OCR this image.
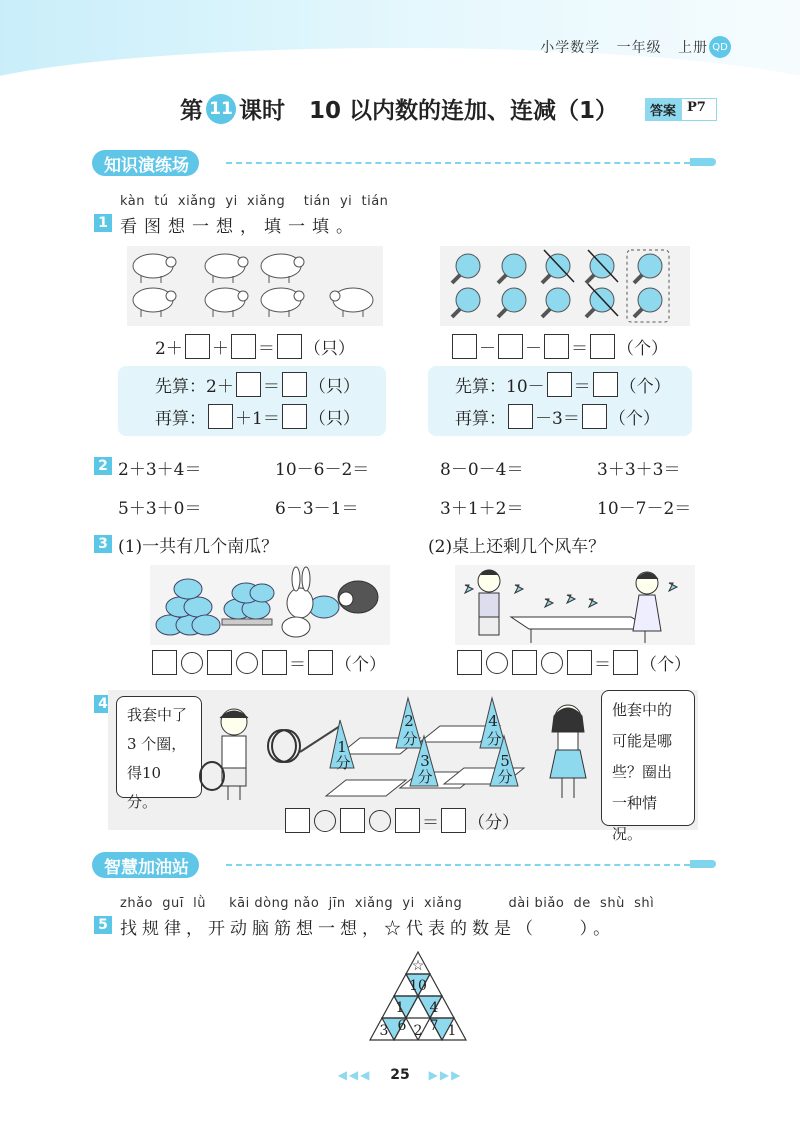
小学数学 一年级 上册 QD
第 11 课时 10 以内数的连加、连减（1）	答案 P7
知识演练场
kàn  tú  xiǎng  yi  xiǎng    tián  yi  tián
1 看图想一想，填一填。
2＋ ＋ ＝ （只）
先算：2＋ ＝ （只）
再算： ＋1＝ （只）
－ － ＝ （个）
先算：10－ ＝ （个）
再算： －3＝ （个）
2 2＋3＋4＝	10－6－2＝	8－0－4＝	3＋3＋3＝
5＋3＋0＝	6－3－1＝	3＋1＋2＝	10－7－2＝
3 (1)一共有几个南瓜？	(2)桌上还剩几个风车？
＝ （个）	＝ （个）
4
我套中了
3 个圈，
得10分。
1
分
2
分
3
分
4
分
5
分
他套中的
可能是哪
些？圈出
一种情况。
＝ （分）
智慧加油站
zhǎo  guī  lǜ     kāi dòng nǎo  jīn  xiǎng  yi  xiǎng          dài biǎo  de  shù  shì
5 找规律，开动脑筋想一想，☆代表的数是（    ）。
☆
10
1 4
3 6 2 7 1
◀◀◀ 25 ▶▶▶
